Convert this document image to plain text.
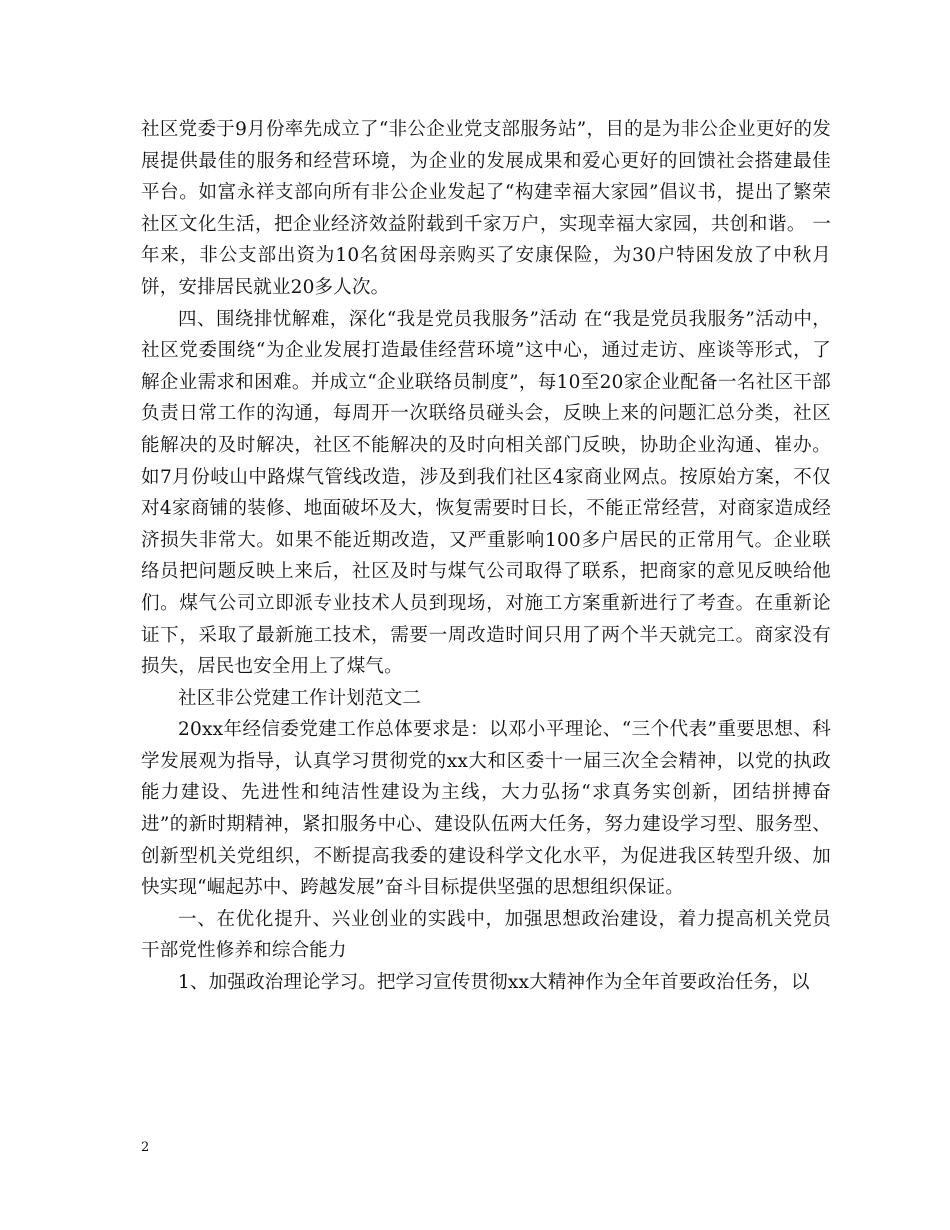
社区党委于9月份率先成立了“非公企业党支部服务站”，目的是为非公企业更好的发展提供最佳的服务和经营环境，为企业的发展成果和爱心更好的回馈社会搭建最佳平台。如富永祥支部向所有非公企业发起了“构建幸福大家园”倡议书，提出了繁荣社区文化生活，把企业经济效益附载到千家万户，实现幸福大家园，共创和谐。 一年来，非公支部出资为10名贫困母亲购买了安康保险，为30户特困发放了中秋月饼，安排居民就业20多人次。

四、围绕排忧解难，深化“我是党员我服务”活动 在“我是党员我服务”活动中，社区党委围绕“为企业发展打造最佳经营环境”这中心，通过走访、座谈等形式，了解企业需求和困难。并成立“企业联络员制度”，每10至20家企业配备一名社区干部负责日常工作的沟通，每周开一次联络员碰头会，反映上来的问题汇总分类，社区能解决的及时解决，社区不能解决的及时向相关部门反映，协助企业沟通、崔办。如7月份岐山中路煤气管线改造，涉及到我们社区4家商业网点。按原始方案，不仅对4家商铺的装修、地面破坏及大，恢复需要时日长，不能正常经营，对商家造成经济损失非常大。如果不能近期改造，又严重影响100多户居民的正常用气。企业联络员把问题反映上来后，社区及时与煤气公司取得了联系，把商家的意见反映给他们。煤气公司立即派专业技术人员到现场，对施工方案重新进行了考查。在重新论证下，采取了最新施工技术，需要一周改造时间只用了两个半天就完工。商家没有损失，居民也安全用上了煤气。

社区非公党建工作计划范文二

20xx年经信委党建工作总体要求是：以邓小平理论、“三个代表”重要思想、科学发展观为指导，认真学习贯彻党的xx大和区委十一届三次全会精神，以党的执政能力建设、先进性和纯洁性建设为主线，大力弘扬“求真务实创新，团结拼搏奋进”的新时期精神，紧扣服务中心、建设队伍两大任务，努力建设学习型、服务型、创新型机关党组织，不断提高我委的建设科学文化水平，为促进我区转型升级、加快实现“崛起苏中、跨越发展”奋斗目标提供坚强的思想组织保证。

一、在优化提升、兴业创业的实践中，加强思想政治建设，着力提高机关党员干部党性修养和综合能力

1、加强政治理论学习。把学习宣传贯彻xx大精神作为全年首要政治任务，以

2
